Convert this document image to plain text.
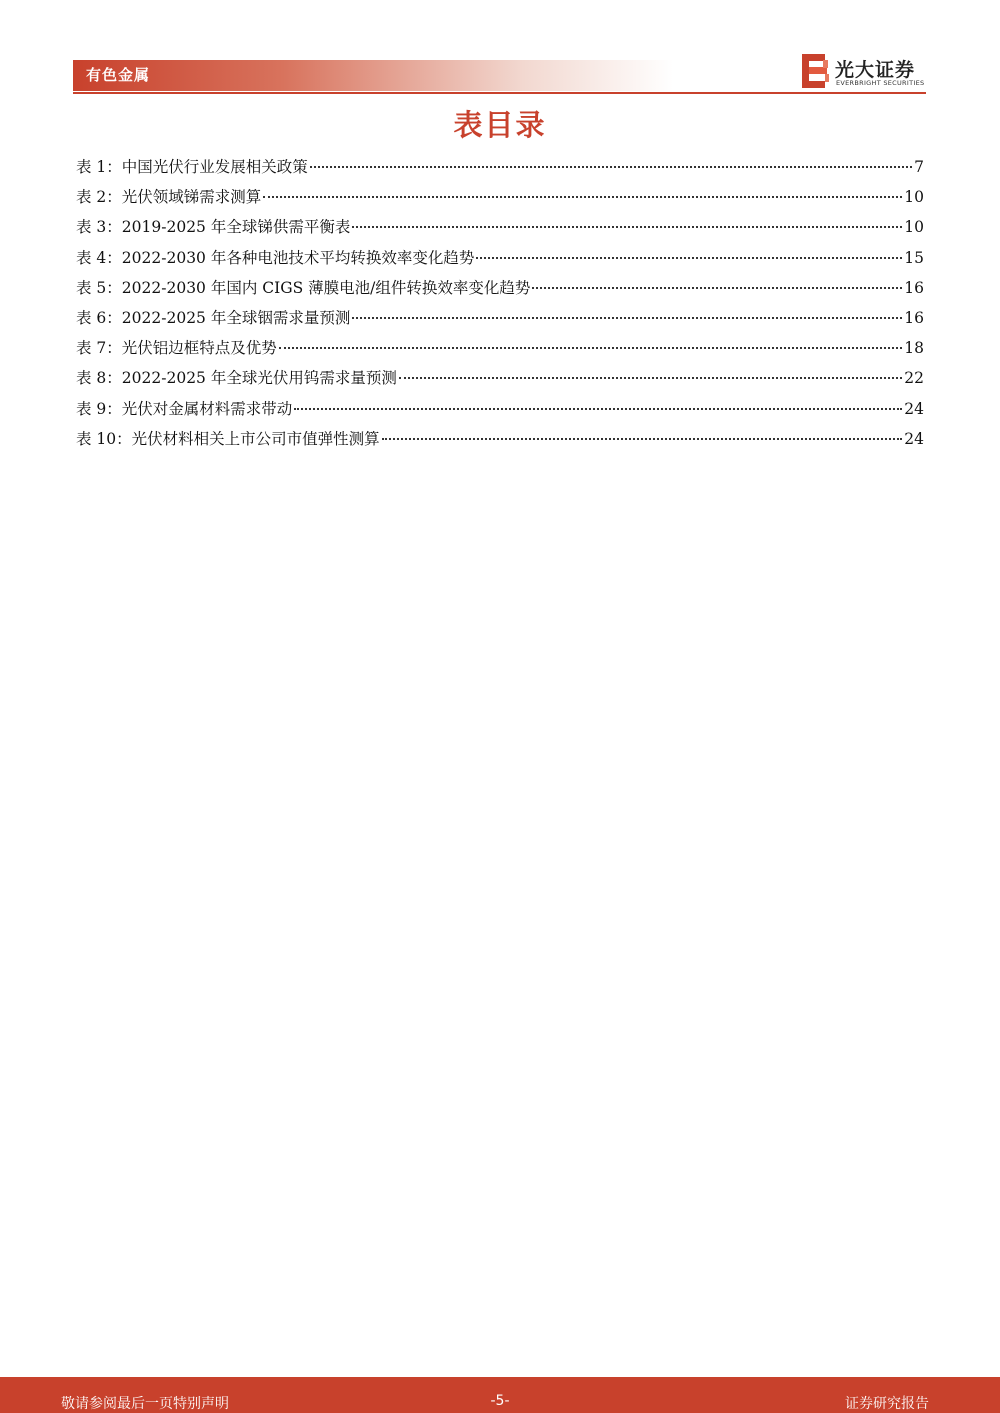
有色金属	光大证券
EVERBRIGHT SECURITIES
表目录
表 1：中国光伏行业发展相关政策	7
表 2：光伏领域锑需求测算	10
表 3：2019-2025 年全球锑供需平衡表	10
表 4：2022-2030 年各种电池技术平均转换效率变化趋势	15
表 5：2022-2030 年国内 CIGS 薄膜电池/组件转换效率变化趋势	16
表 6：2022-2025 年全球铟需求量预测	16
表 7：光伏铝边框特点及优势	18
表 8：2022-2025 年全球光伏用钨需求量预测	22
表 9：光伏对金属材料需求带动	24
表 10：光伏材料相关上市公司市值弹性测算	24
敬请参阅最后一页特别声明	-5-	证券研究报告
